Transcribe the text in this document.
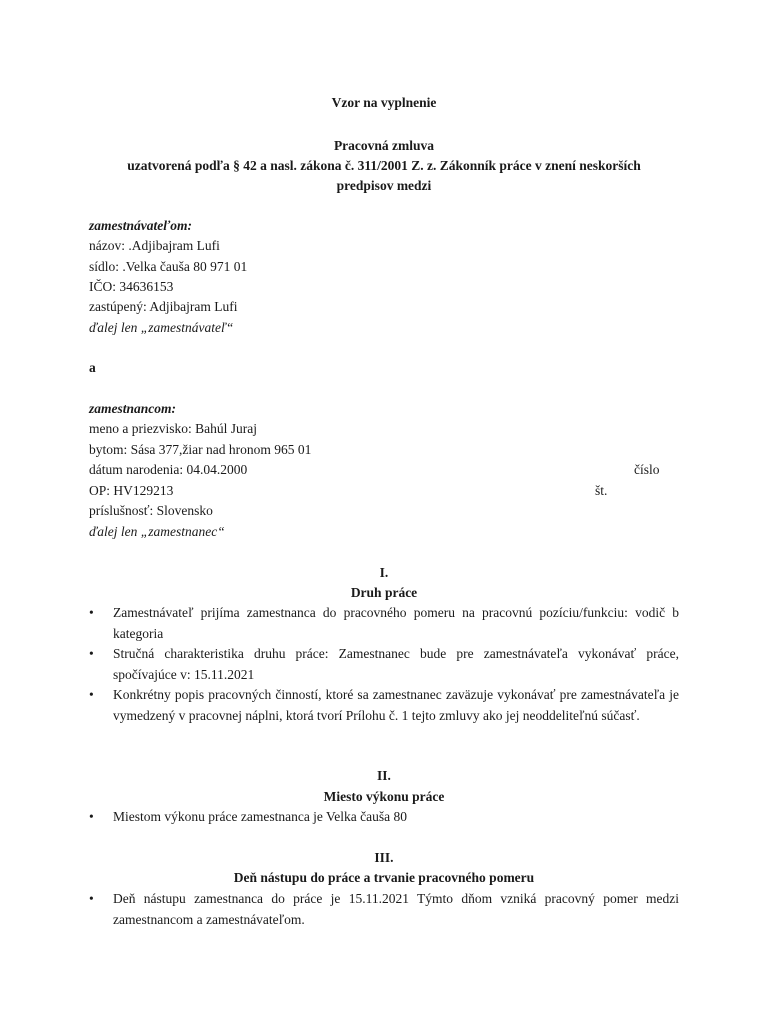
Vzor na vyplnenie
Pracovná zmluva
uzatvorená podľa § 42 a nasl. zákona č. 311/2001 Z. z. Zákonník práce v znení neskorších
predpisov medzi
zamestnávateľom:
názov: .Adjibajram Lufi
sídlo: .Velka čauša 80 971 01
IČO: 34636153
zastúpený: Adjibajram Lufi
ďalej len „zamestnávateľ“
a
zamestnancom:
meno a priezvisko: Bahúl Juraj
bytom: Sása 377,žiar nad hronom 965 01
dátum narodenia: 04.04.2000	číslo
OP: HV129213	št.
príslušnosť: Slovensko
ďalej len „zamestnanec“
I.
Druh práce
•	Zamestnávateľ prijíma zamestnanca do pracovného pomeru na pracovnú pozíciu/funkciu: vodič b kategoria
•	Stručná charakteristika druhu práce: Zamestnanec bude pre zamestnávateľa vykonávať práce, spočívajúce v: 15.11.2021
•	Konkrétny popis pracovných činností, ktoré sa zamestnanec zaväzuje vykonávať pre zamestnávateľa je vymedzený v pracovnej náplni, ktorá tvorí Prílohu č. 1 tejto zmluvy ako jej neoddeliteľnú súčasť.
II.
Miesto výkonu práce
•	Miestom výkonu práce zamestnanca je Velka čauša 80
III.
Deň nástupu do práce a trvanie pracovného pomeru
•	Deň nástupu zamestnanca do práce je 15.11.2021 Týmto dňom vzniká pracovný pomer medzi zamestnancom a zamestnávateľom.
